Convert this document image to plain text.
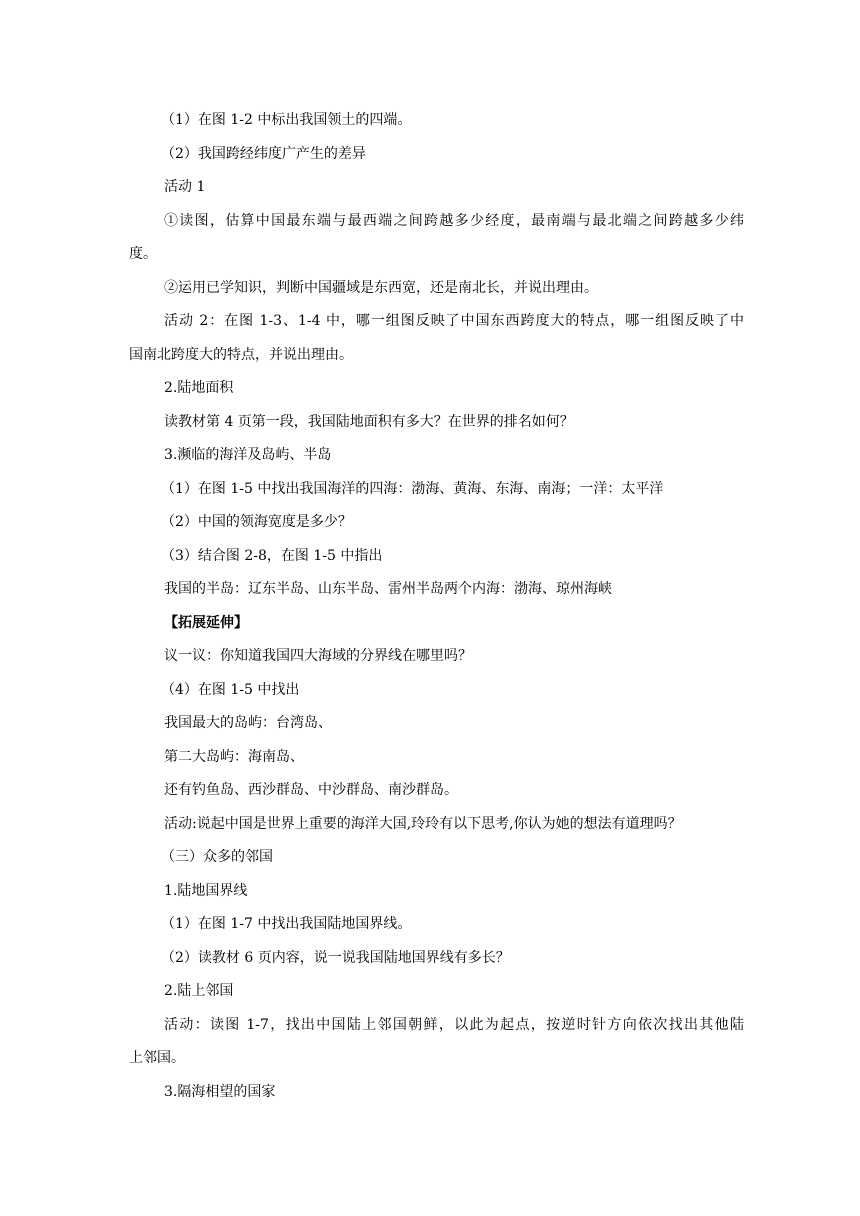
（1）在图 1-2 中标出我国领土的四端。
（2）我国跨经纬度广产生的差异
活动 1
①读图，估算中国最东端与最西端之间跨越多少经度，最南端与最北端之间跨越多少纬
度。
②运用已学知识，判断中国疆域是东西宽，还是南北长，并说出理由。
活动 2：在图 1-3、1-4 中，哪一组图反映了中国东西跨度大的特点，哪一组图反映了中
国南北跨度大的特点，并说出理由。
2.陆地面积
读教材第 4 页第一段，我国陆地面积有多大？在世界的排名如何？
3.濒临的海洋及岛屿、半岛
（1）在图 1-5 中找出我国海洋的四海：渤海、黄海、东海、南海；一洋：太平洋
（2）中国的领海宽度是多少？
（3）结合图 2-8，在图 1-5 中指出
我国的半岛：辽东半岛、山东半岛、雷州半岛两个内海：渤海、琼州海峡
【拓展延伸】
议一议：你知道我国四大海域的分界线在哪里吗？
（4）在图 1-5 中找出
我国最大的岛屿：台湾岛、
第二大岛屿：海南岛、
还有钓鱼岛、西沙群岛、中沙群岛、南沙群岛。
活动:说起中国是世界上重要的海洋大国,玲玲有以下思考,你认为她的想法有道理吗？
（三）众多的邻国
1.陆地国界线
（1）在图 1-7 中找出我国陆地国界线。
（2）读教材 6 页内容，说一说我国陆地国界线有多长？
2.陆上邻国
活动：读图 1-7，找出中国陆上邻国朝鲜，以此为起点，按逆时针方向依次找出其他陆
上邻国。
3.隔海相望的国家
